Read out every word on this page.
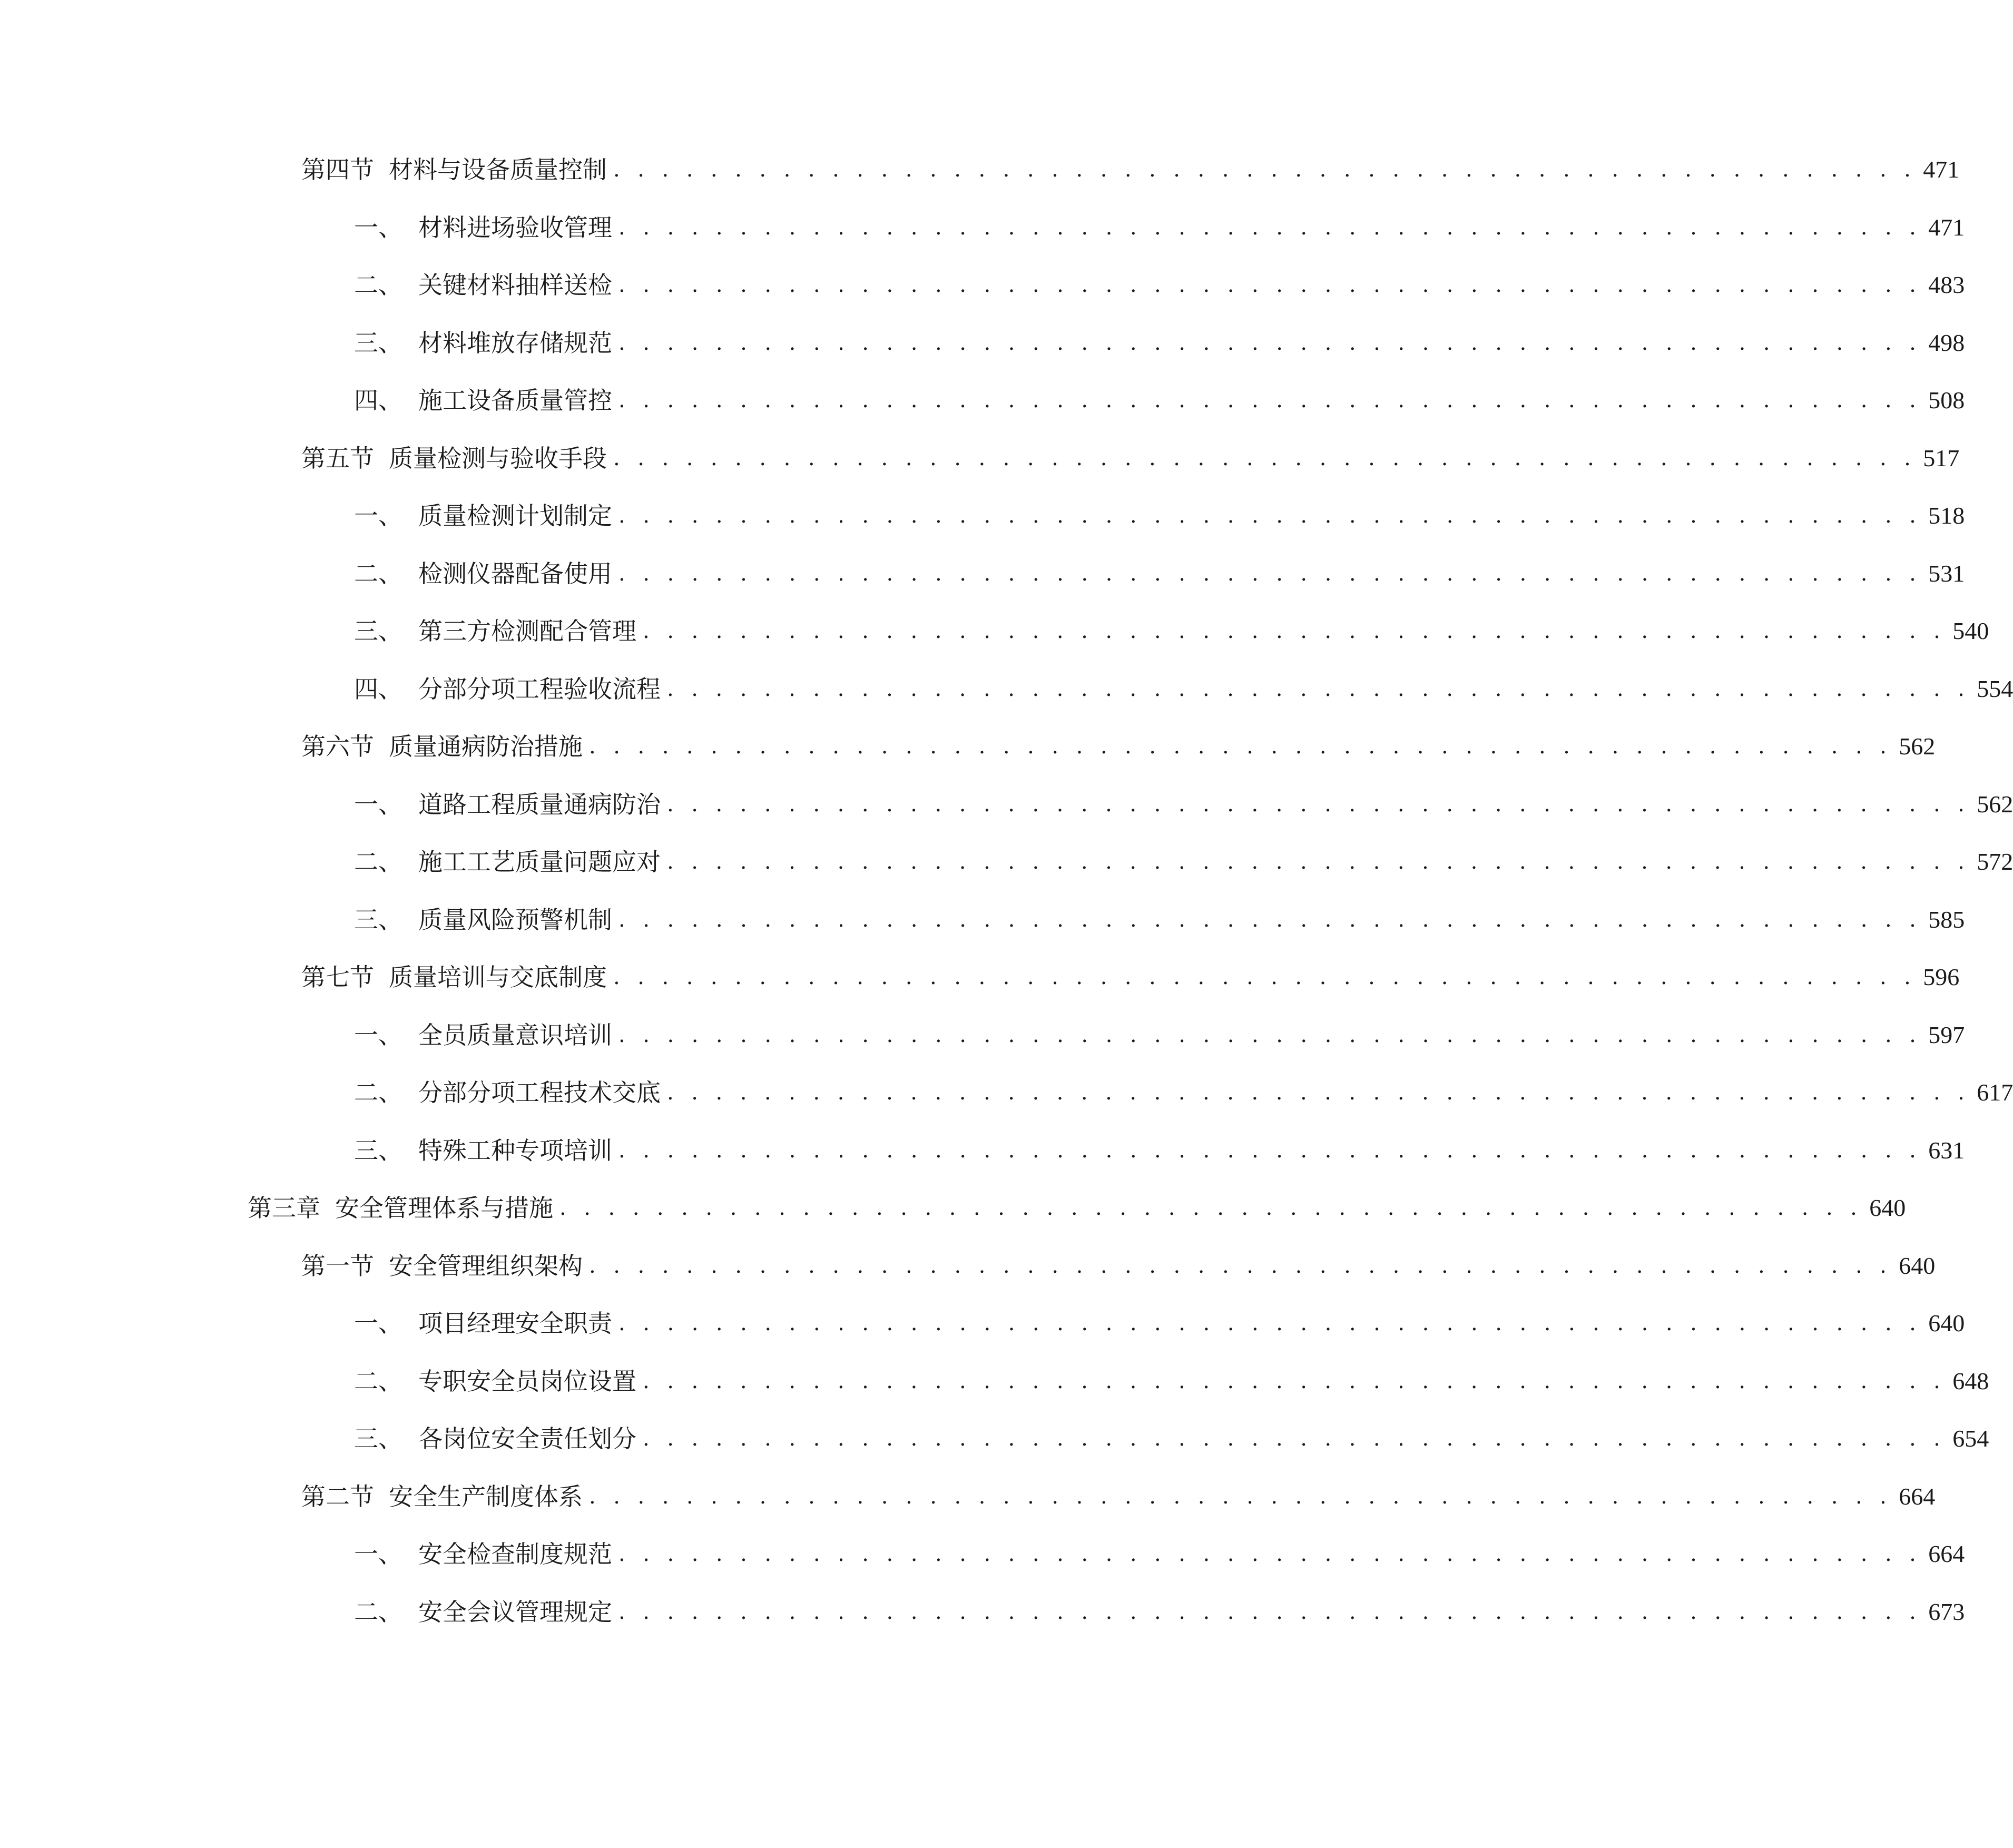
第四节 材料与设备质量控制 . . . . . . . . . . . . . . . . . . . . . . . . . . . . . . . . . . . . . . . . . . . . . . . . . . . . . . 471
一、 材料进场验收管理 . . . . . . . . . . . . . . . . . . . . . . . . . . . . . . . . . . . . . . . . . . . . . . . . . . . . . . 471
二、 关键材料抽样送检 . . . . . . . . . . . . . . . . . . . . . . . . . . . . . . . . . . . . . . . . . . . . . . . . . . . . . . 483
三、 材料堆放存储规范 . . . . . . . . . . . . . . . . . . . . . . . . . . . . . . . . . . . . . . . . . . . . . . . . . . . . . . 498
四、 施工设备质量管控 . . . . . . . . . . . . . . . . . . . . . . . . . . . . . . . . . . . . . . . . . . . . . . . . . . . . . . 508
第五节 质量检测与验收手段 . . . . . . . . . . . . . . . . . . . . . . . . . . . . . . . . . . . . . . . . . . . . . . . . . . . . . . 517
一、 质量检测计划制定 . . . . . . . . . . . . . . . . . . . . . . . . . . . . . . . . . . . . . . . . . . . . . . . . . . . . . . 518
二、 检测仪器配备使用 . . . . . . . . . . . . . . . . . . . . . . . . . . . . . . . . . . . . . . . . . . . . . . . . . . . . . . 531
三、 第三方检测配合管理 . . . . . . . . . . . . . . . . . . . . . . . . . . . . . . . . . . . . . . . . . . . . . . . . . . . . . . 540
四、 分部分项工程验收流程 . . . . . . . . . . . . . . . . . . . . . . . . . . . . . . . . . . . . . . . . . . . . . . . . . . . . . . 554
第六节 质量通病防治措施 . . . . . . . . . . . . . . . . . . . . . . . . . . . . . . . . . . . . . . . . . . . . . . . . . . . . . . 562
一、 道路工程质量通病防治 . . . . . . . . . . . . . . . . . . . . . . . . . . . . . . . . . . . . . . . . . . . . . . . . . . . . . . 562
二、 施工工艺质量问题应对 . . . . . . . . . . . . . . . . . . . . . . . . . . . . . . . . . . . . . . . . . . . . . . . . . . . . . . 572
三、 质量风险预警机制 . . . . . . . . . . . . . . . . . . . . . . . . . . . . . . . . . . . . . . . . . . . . . . . . . . . . . . 585
第七节 质量培训与交底制度 . . . . . . . . . . . . . . . . . . . . . . . . . . . . . . . . . . . . . . . . . . . . . . . . . . . . . . 596
一、 全员质量意识培训 . . . . . . . . . . . . . . . . . . . . . . . . . . . . . . . . . . . . . . . . . . . . . . . . . . . . . . 597
二、 分部分项工程技术交底 . . . . . . . . . . . . . . . . . . . . . . . . . . . . . . . . . . . . . . . . . . . . . . . . . . . . . . 617
三、 特殊工种专项培训 . . . . . . . . . . . . . . . . . . . . . . . . . . . . . . . . . . . . . . . . . . . . . . . . . . . . . . 631
第三章 安全管理体系与措施 . . . . . . . . . . . . . . . . . . . . . . . . . . . . . . . . . . . . . . . . . . . . . . . . . . . . . . 640
第一节 安全管理组织架构 . . . . . . . . . . . . . . . . . . . . . . . . . . . . . . . . . . . . . . . . . . . . . . . . . . . . . . 640
一、 项目经理安全职责 . . . . . . . . . . . . . . . . . . . . . . . . . . . . . . . . . . . . . . . . . . . . . . . . . . . . . . 640
二、 专职安全员岗位设置 . . . . . . . . . . . . . . . . . . . . . . . . . . . . . . . . . . . . . . . . . . . . . . . . . . . . . . 648
三、 各岗位安全责任划分 . . . . . . . . . . . . . . . . . . . . . . . . . . . . . . . . . . . . . . . . . . . . . . . . . . . . . . 654
第二节 安全生产制度体系 . . . . . . . . . . . . . . . . . . . . . . . . . . . . . . . . . . . . . . . . . . . . . . . . . . . . . . 664
一、 安全检查制度规范 . . . . . . . . . . . . . . . . . . . . . . . . . . . . . . . . . . . . . . . . . . . . . . . . . . . . . . 664
二、 安全会议管理规定 . . . . . . . . . . . . . . . . . . . . . . . . . . . . . . . . . . . . . . . . . . . . . . . . . . . . . . 673
